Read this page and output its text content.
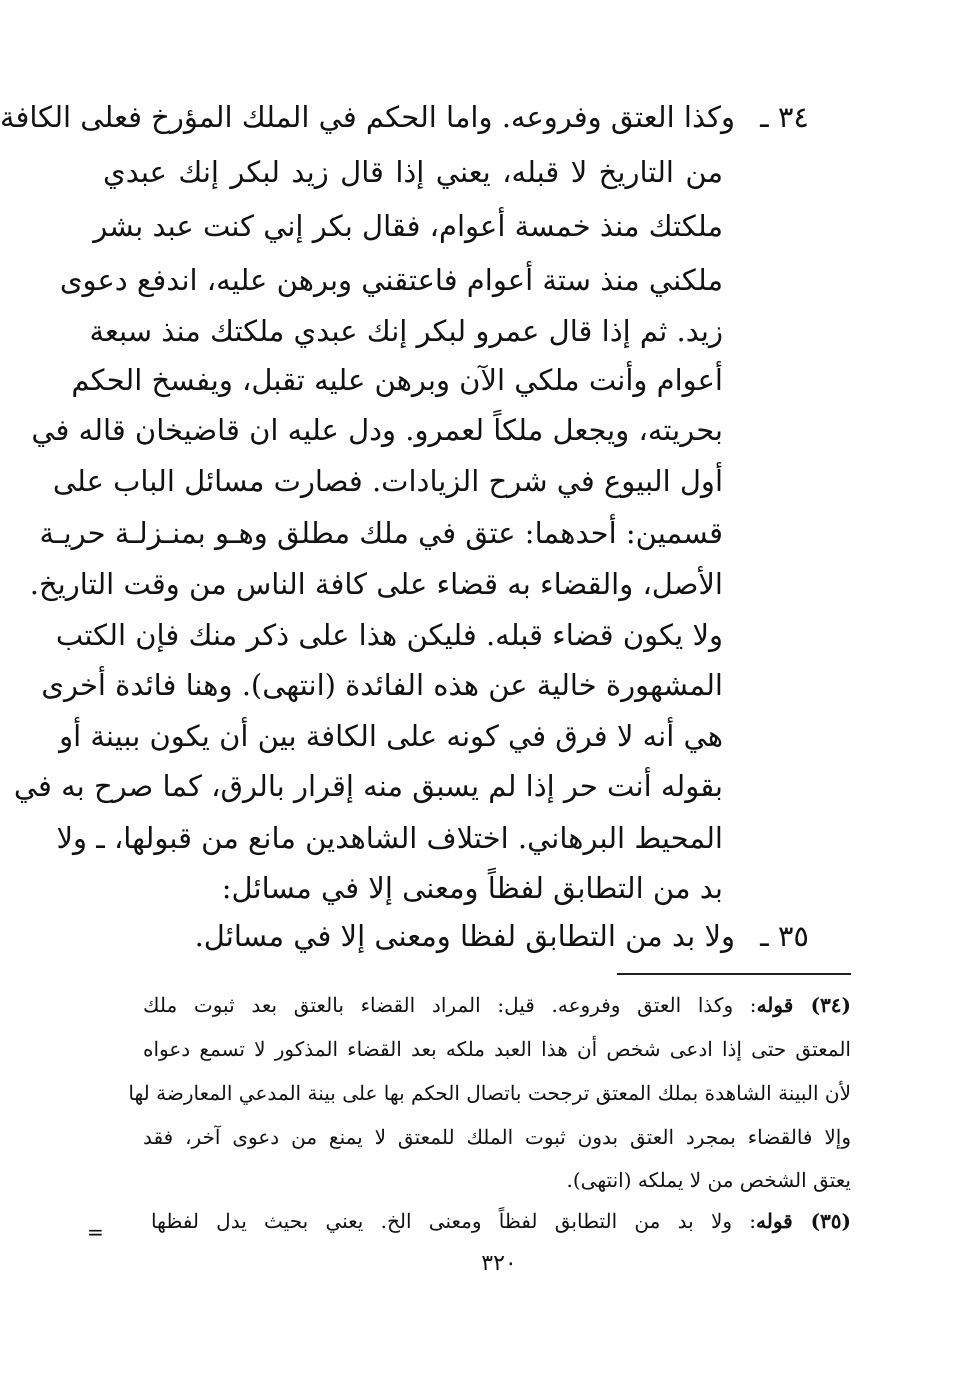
٣٤ ـ
وكذا العتق وفروعه. واما الحكم في الملك المؤرخ فعلى الكافة
من التاريخ لا قبله، يعني إذا قال زيد لبكر إنك عبدي
ملكتك منذ خمسة أعوام، فقال بكر إني كنت عبد بشر
ملكني منذ ستة أعوام فاعتقني وبرهن عليه، اندفع دعوى
زيد. ثم إذا قال عمرو لبكر إنك عبدي ملكتك منذ سبعة
أعوام وأنت ملكي الآن وبرهن عليه تقبل، ويفسخ الحكم
بحريته، ويجعل ملكاً لعمرو. ودل عليه ان قاضيخان قاله في
أول البيوع في شرح الزيادات. فصارت مسائل الباب على
قسمين: أحدهما: عتق في ملك مطلق وهـو بمنـزلـة حريـة
الأصل، والقضاء به قضاء على كافة الناس من وقت التاريخ.
ولا يكون قضاء قبله. فليكن هذا على ذكر منك فإن الكتب
المشهورة خالية عن هذه الفائدة (انتهى). وهنا فائدة أخرى
هي أنه لا فرق في كونه على الكافة بين أن يكون ببينة أو
بقوله أنت حر إذا لم يسبق منه إقرار بالرق، كما صرح به في
المحيط البرهاني. اختلاف الشاهدين مانع من قبولها، ـ ولا
بد من التطابق لفظاً ومعنى إلا في مسائل:
٣٥ ـ
ولا بد من التطابق لفظا ومعنى إلا في مسائل.
(٣٤) قوله: وكذا العتق وفروعه. قيل: المراد القضاء بالعتق بعد ثبوت ملك
المعتق حتى إذا ادعى شخص أن هذا العبد ملكه بعد القضاء المذكور لا تسمع دعواه
لأن البينة الشاهدة بملك المعتق ترجحت باتصال الحكم بها على بينة المدعي المعارضة لها
وإلا فالقضاء بمجرد العتق بدون ثبوت الملك للمعتق لا يمنع من دعوى آخر، فقد
يعتق الشخص من لا يملكه (انتهى).
(٣٥) قوله: ولا بد من التطابق لفظاً ومعنى الخ. يعني بحيث يدل لفظها
=
٣٢٠
